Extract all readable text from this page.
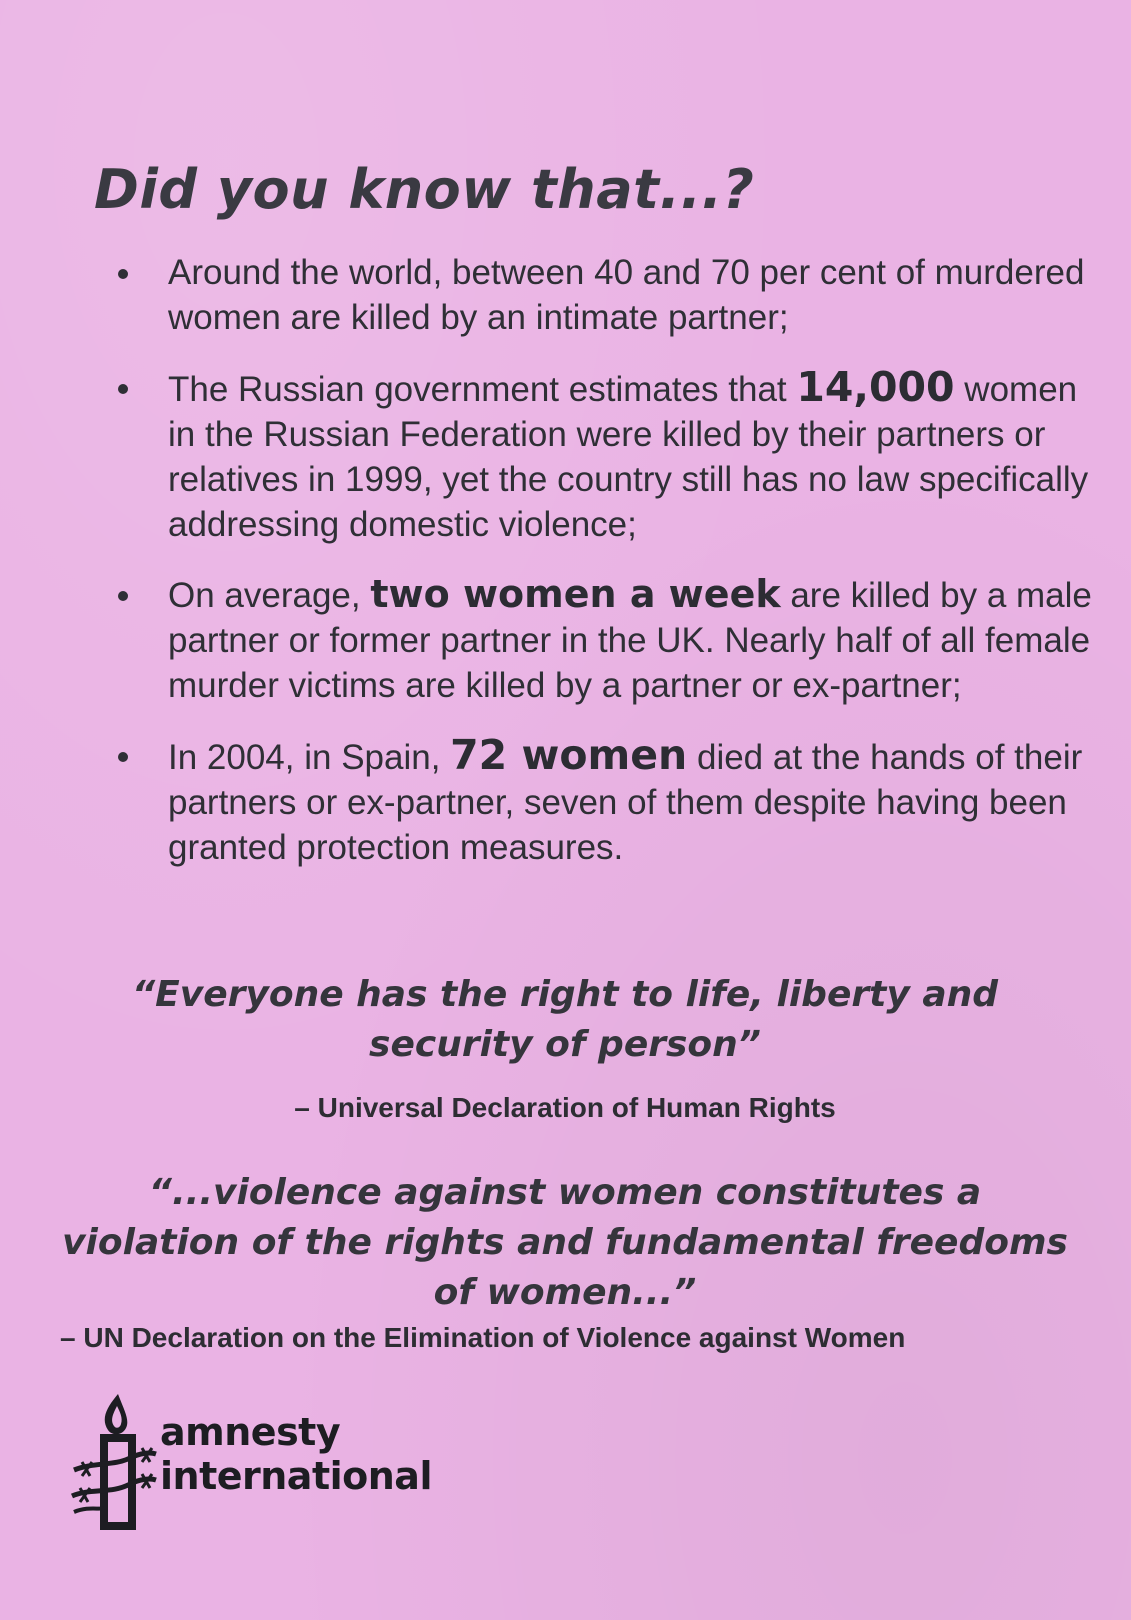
Did you know that...?
Around the world, between 40 and 70 per cent of murdered women are killed by an intimate partner;
The Russian government estimates that 14,000 women in the Russian Federation were killed by their partners or relatives in 1999, yet the country still has no law specifically addressing domestic violence;
On average, two women a week are killed by a male partner or former partner in the UK. Nearly half of all female murder victims are killed by a partner or ex-partner;
In 2004, in Spain, 72 women died at the hands of their partners or ex-partner, seven of them despite having been granted protection measures.

“Everyone has the right to life, liberty and security of person”

– Universal Declaration of Human Rights

“...violence against women constitutes a violation of the rights and fundamental freedoms of women...”

– UN Declaration on the Elimination of Violence against Women

amnesty
international
